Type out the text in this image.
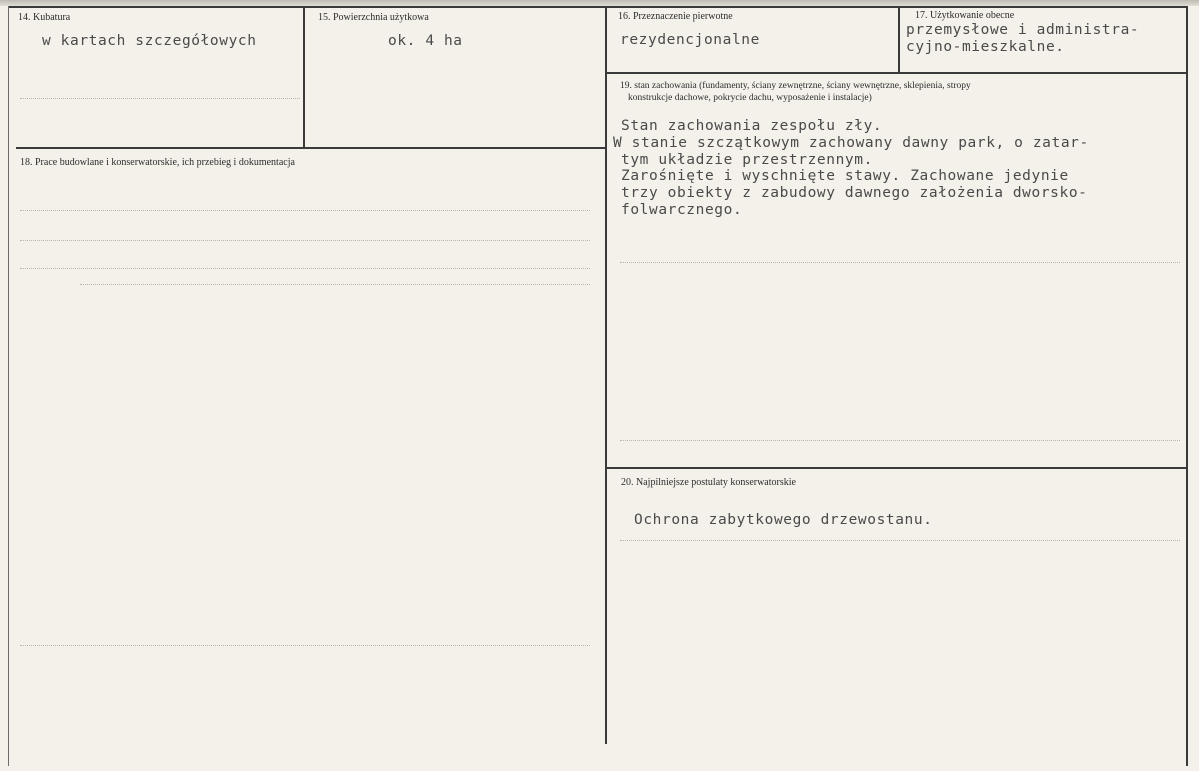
14. Kubatura
w kartach szczegółowych
15. Powierzchnia użytkowa
ok. 4 ha
16. Przeznaczenie pierwotne
rezydencjonalne
17. Użytkowanie obecne
przemysłowe i administra-
cyjno-mieszkalne.
18. Prace budowlane i konserwatorskie, ich przebieg i dokumentacja
19. stan zachowania (fundamenty, ściany zewnętrzne, ściany wewnętrzne, sklepienia, stropy
konstrukcje dachowe, pokrycie dachu, wyposażenie i instalacje)
Stan zachowania zespołu zły.
W stanie szczątkowym zachowany dawny park, o zatar-
tym układzie przestrzennym.
Zarośnięte i wyschnięte stawy. Zachowane jedynie
trzy obiekty z zabudowy dawnego założenia dworsko-
folwarcznego.
20. Najpilniejsze postulaty konserwatorskie
Ochrona zabytkowego drzewostanu.
